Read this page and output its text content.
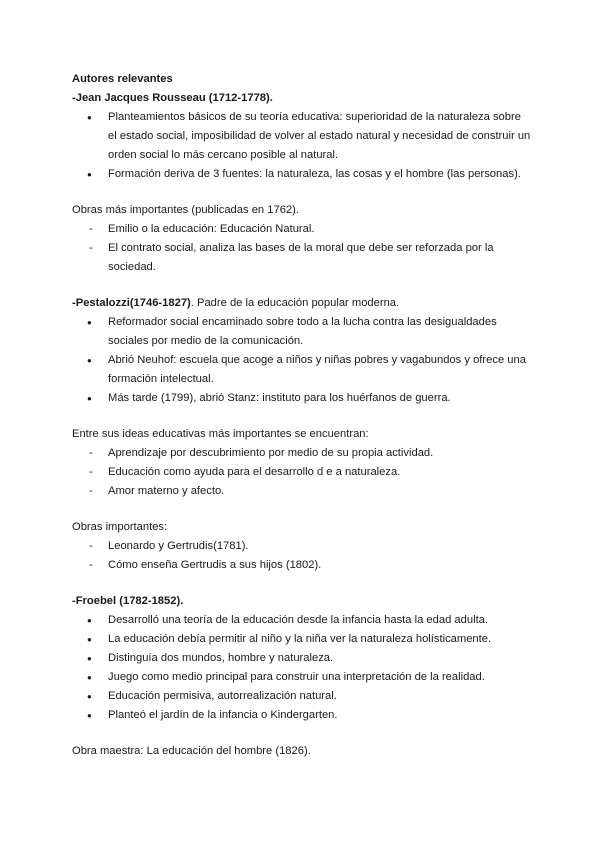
Autores relevantes
-Jean Jacques Rousseau (1712-1778).
● Planteamientos básicos de su teoría educativa: superioridad de la naturaleza sobre el estado social, imposibilidad de volver al estado natural y necesidad de construir un orden social lo más cercano posible al natural.
● Formación deriva de 3 fuentes: la naturaleza, las cosas y el hombre (las personas).
Obras más importantes (publicadas en 1762).
- Emilio o la educación: Educación Natural.
- El contrato social, analiza las bases de la moral que debe ser reforzada por la sociedad.
-Pestalozzi(1746-1827). Padre de la educación popular moderna.
● Reformador social encaminado sobre todo a la lucha contra las desigualdades sociales por medio de la comunicación.
● Abrió Neuhof: escuela que acoge a niños y niñas pobres y vagabundos y ofrece una formación intelectual.
● Más tarde (1799), abrió Stanz: instituto para los huérfanos de guerra.
Entre sus ideas educativas más importantes se encuentran:
- Aprendizaje por descubrimiento por medio de su propia actividad.
- Educación como ayuda para el desarrollo d e a naturaleza.
- Amor materno y afecto.
Obras importantes:
- Leonardo y Gertrudis(1781).
- Cómo enseña Gertrudis a sus hijos (1802).
-Froebel (1782-1852).
● Desarrolló una teoría de la educación desde la infancia hasta la edad adulta.
● La educación debía permitir al niño y la niña ver la naturaleza holísticamente.
● Distinguía dos mundos, hombre y naturaleza.
● Juego como medio principal para construir una interpretación de la realidad.
● Educación permisiva, autorrealización natural.
● Planteó el jardín de la infancia o Kindergarten.
Obra maestra: La educación del hombre (1826).
